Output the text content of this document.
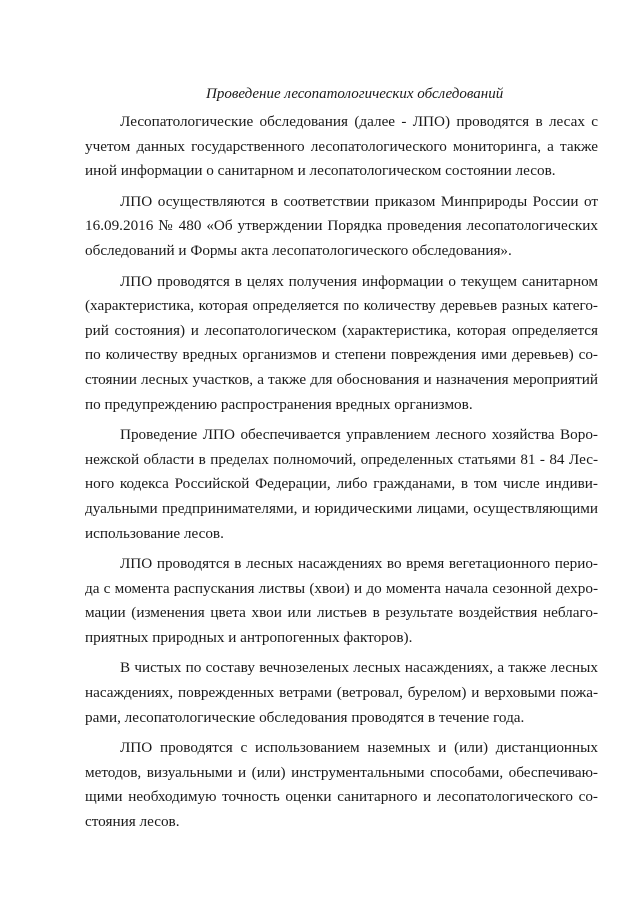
Проведение лесопатологических обследований
Лесопатологические обследования (далее - ЛПО) проводятся в лесах с
учетом данных государственного лесопатологического мониторинга, а также
иной информации о санитарном и лесопатологическом состоянии лесов.
ЛПО осуществляются в соответствии приказом Минприроды России от
16.09.2016 № 480 «Об утверждении Порядка проведения лесопатологических
обследований и Формы акта лесопатологического обследования».
ЛПО проводятся в целях получения информации о текущем санитарном
(характеристика, которая определяется по количеству деревьев разных катего-
рий состояния) и лесопатологическом (характеристика, которая определяется
по количеству вредных организмов и степени повреждения ими деревьев) со-
стоянии лесных участков, а также для обоснования и назначения мероприятий
по предупреждению распространения вредных организмов.
Проведение ЛПО обеспечивается управлением лесного хозяйства Воро-
нежской области в пределах полномочий, определенных статьями 81 - 84 Лес-
ного кодекса Российской Федерации, либо гражданами, в том числе индиви-
дуальными предпринимателями, и юридическими лицами, осуществляющими
использование лесов.
ЛПО проводятся в лесных насаждениях во время вегетационного перио-
да с момента распускания листвы (хвои) и до момента начала сезонной дехро-
мации (изменения цвета хвои или листьев в результате воздействия неблаго-
приятных природных и антропогенных факторов).
В чистых по составу вечнозеленых лесных насаждениях, а также лесных
насаждениях, поврежденных ветрами (ветровал, бурелом) и верховыми пожа-
рами, лесопатологические обследования проводятся в течение года.
ЛПО проводятся с использованием наземных и (или) дистанционных
методов, визуальными и (или) инструментальными способами, обеспечиваю-
щими необходимую точность оценки санитарного и лесопатологического со-
стояния лесов.
